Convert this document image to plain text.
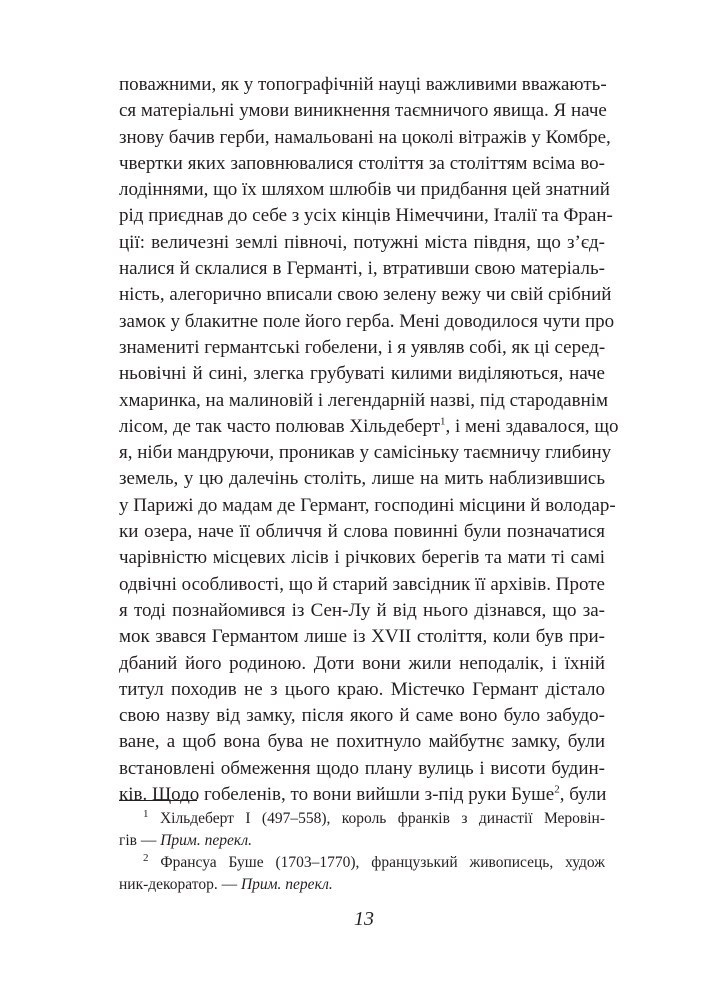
поважними, як у топографічній науці важливими вважають-
ся матеріальні умови виникнення таємничого явища. Я наче
знову бачив герби, намальовані на цоколі вітражів у Комбре,
чвертки яких заповнювалися століття за століттям всіма во-
лодіннями, що їх шляхом шлюбів чи придбання цей знатний
рід приєднав до себе з усіх кінців Німеччини, Італії та Фран-
ції: величезні землі півночі, потужні міста півдня, що з’єд-
налися й склалися в Германті, і, втративши свою матеріаль-
ність, алегорично вписали свою зелену вежу чи свій срібний
замок у блакитне поле його герба. Мені доводилося чути про
знамениті германтські гобелени, і я уявляв собі, як ці серед-
ньовічні й сині, злегка грубуваті килими виділяються, наче
хмаринка, на малиновій і легендарній назві, під стародавнім
лісом, де так часто полював Хільдеберт$^1$, і мені здавалося, що
я, ніби мандруючи, проникав у самісіньку таємничу глибину
земель, у цю далечінь століть, лише на мить наблизившись
у Парижі до мадам де Германт, господині місцини й володар-
ки озера, наче її обличчя й слова повинні були позначатися
чарівністю місцевих лісів і річкових берегів та мати ті самі
одвічні особливості, що й старий завсідник її архівів. Проте
я тоді познайомився із Сен-Лу й від нього дізнався, що за-
мок звався Германтом лише із XVII століття, коли був при-
дбаний його родиною. Доти вони жили неподалік, і їхній
титул походив не з цього краю. Містечко Германт дістало
свою назву від замку, після якого й саме воно було забудо-
ване, а щоб вона бува не похитнуло майбутнє замку, були
встановлені обмеження щодо плану вулиць і висоти будин-
ків. Щодо гобеленів, то вони вийшли з-під руки Буше$^2$, були
$^1$ Хільдеберт I (497–558), король франків з династії Меровін-
гів — Прим. перекл.
$^2$ Франсуа Буше (1703–1770), французький живописець, худож
ник-декоратор. — Прим. перекл.
13
